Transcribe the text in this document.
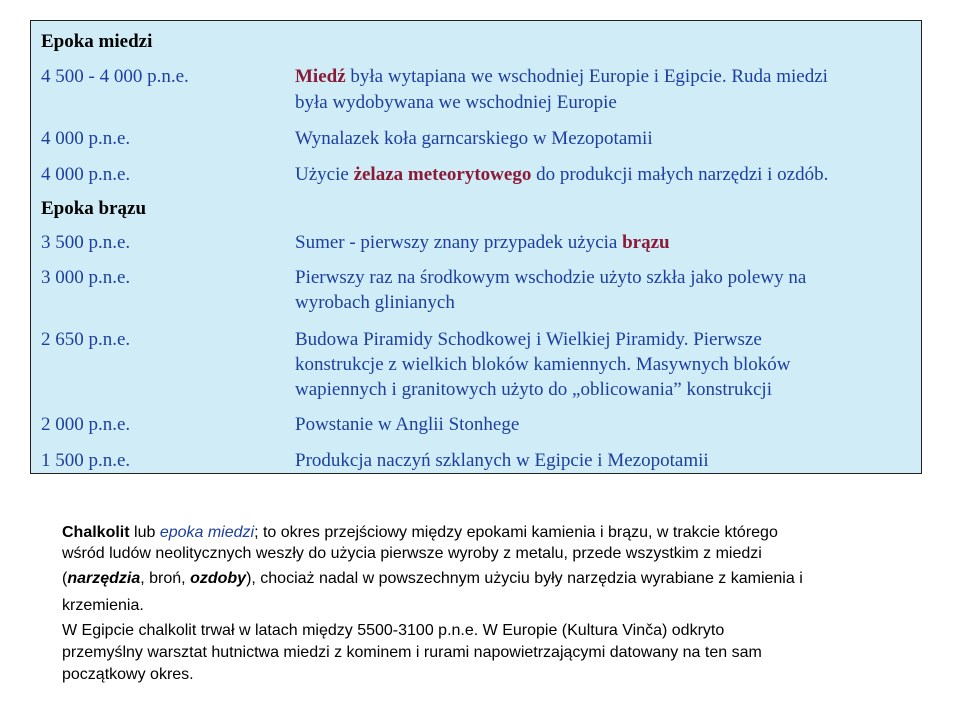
Epoka miedzi
4 500 - 4 000 p.n.e.	Miedź była wytapiana we wschodniej Europie i Egipcie. Ruda miedzi
była wydobywana we wschodniej Europie
4 000 p.n.e.	Wynalazek koła garncarskiego w Mezopotamii
4 000 p.n.e.	Użycie żelaza meteorytowego do produkcji małych narzędzi i ozdób.
Epoka brązu
3 500 p.n.e.	Sumer - pierwszy znany przypadek użycia brązu
3 000 p.n.e.	Pierwszy raz na środkowym wschodzie użyto szkła jako polewy na
wyrobach glinianych
2 650 p.n.e.	Budowa Piramidy Schodkowej i Wielkiej Piramidy. Pierwsze
konstrukcje z wielkich bloków kamiennych. Masywnych bloków
wapiennych i granitowych użyto do „oblicowania” konstrukcji
2 000 p.n.e.	Powstanie w Anglii Stonhege
1 500 p.n.e.	Produkcja naczyń szklanych w Egipcie i Mezopotamii
Chalkolit lub epoka miedzi; to okres przejściowy między epokami kamienia i brązu, w trakcie którego
wśród ludów neolitycznych weszły do użycia pierwsze wyroby z metalu, przede wszystkim z miedzi
(narzędzia, broń, ozdoby), chociaż nadal w powszechnym użyciu były narzędzia wyrabiane z kamienia i
krzemienia.
W Egipcie chalkolit trwał w latach między 5500-3100 p.n.e. W Europie (Kultura Vinča) odkryto
przemyślny warsztat hutnictwa miedzi z kominem i rurami napowietrzającymi datowany na ten sam
początkowy okres.
